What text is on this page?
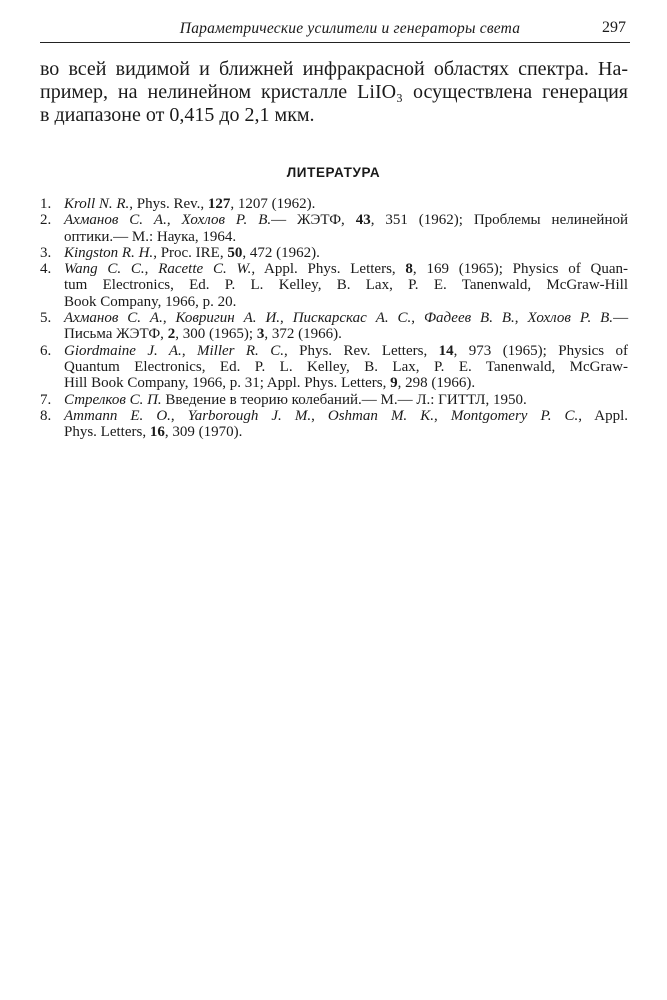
Параметрические усилители и генераторы света	297
во всей видимой и ближней инфракрасной областях спектра. На-
пример, на нелинейном кристалле LiIO₃ осуществлена генерация
в диапазоне от 0,415 до 2,1 мкм.
ЛИТЕРАТУРА
1. Kroll N. R., Phys. Rev., 127, 1207 (1962).
2. Ахманов С. А., Хохлов Р. В.— ЖЭТФ, 43, 351 (1962); Проблемы нелинейной
оптики.— М.: Наука, 1964.
3. Kingston R. H., Proc. IRE, 50, 472 (1962).
4. Wang C. C., Racette C. W., Appl. Phys. Letters, 8, 169 (1965); Physics of Quan-
tum Electronics, Ed. P. L. Kelley, B. Lax, P. E. Tanenwald, McGraw-Hill
Book Company, 1966, p. 20.
5. Ахманов С. А., Ковригин А. И., Пискарскас А. С., Фадеев В. В., Хохлов Р. В.—
Письма ЖЭТФ, 2, 300 (1965); 3, 372 (1966).
6. Giordmaine J. A., Miller R. C., Phys. Rev. Letters, 14, 973 (1965); Physics of
Quantum Electronics, Ed. P. L. Kelley, B. Lax, P. E. Tanenwald, McGraw-
Hill Book Company, 1966, p. 31; Appl. Phys. Letters, 9, 298 (1966).
7. Стрелков С. П. Введение в теорию колебаний.— М.— Л.: ГИТТЛ, 1950.
8. Ammann E. O., Yarborough J. M., Oshman M. K., Montgomery P. C., Appl.
Phys. Letters, 16, 309 (1970).
